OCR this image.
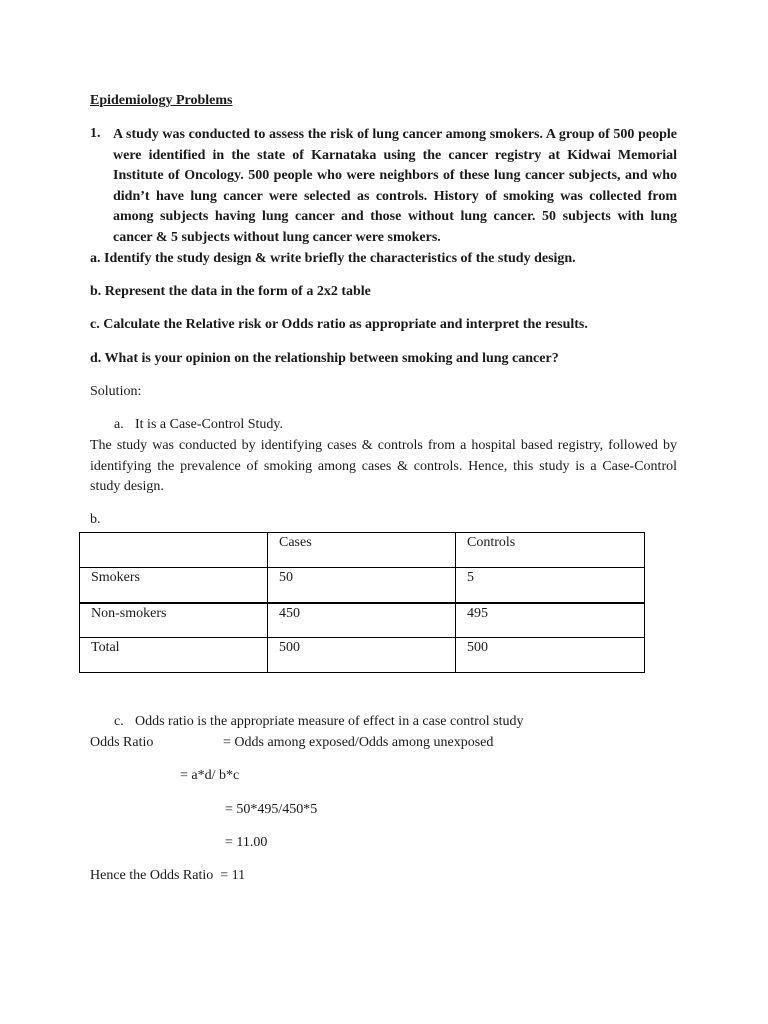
Epidemiology Problems
1. A study was conducted to assess the risk of lung cancer among smokers. A group of 500 people were identified in the state of Karnataka using the cancer registry at Kidwai Memorial Institute of Oncology. 500 people who were neighbors of these lung cancer subjects, and who didn’t have lung cancer were selected as controls. History of smoking was collected from among subjects having lung cancer and those without lung cancer. 50 subjects with lung cancer & 5 subjects without lung cancer were smokers.
a. Identify the study design & write briefly the characteristics of the study design.
b. Represent the data in the form of a 2x2 table
c. Calculate the Relative risk or Odds ratio as appropriate and interpret the results.
d. What is your opinion on the relationship between smoking and lung cancer?
Solution:
a. It is a Case-Control Study.
The study was conducted by identifying cases & controls from a hospital based registry, followed by identifying the prevalence of smoking among cases & controls. Hence, this study is a Case-Control study design.
b.
	Cases	Controls
Smokers	50	5
Non-smokers	450	495
Total	500	500
c. Odds ratio is the appropriate measure of effect in a case control study
Odds Ratio	= Odds among exposed/Odds among unexposed
= a*d/ b*c
= 50*495/450*5
= 11.00
Hence the Odds Ratio  = 11
